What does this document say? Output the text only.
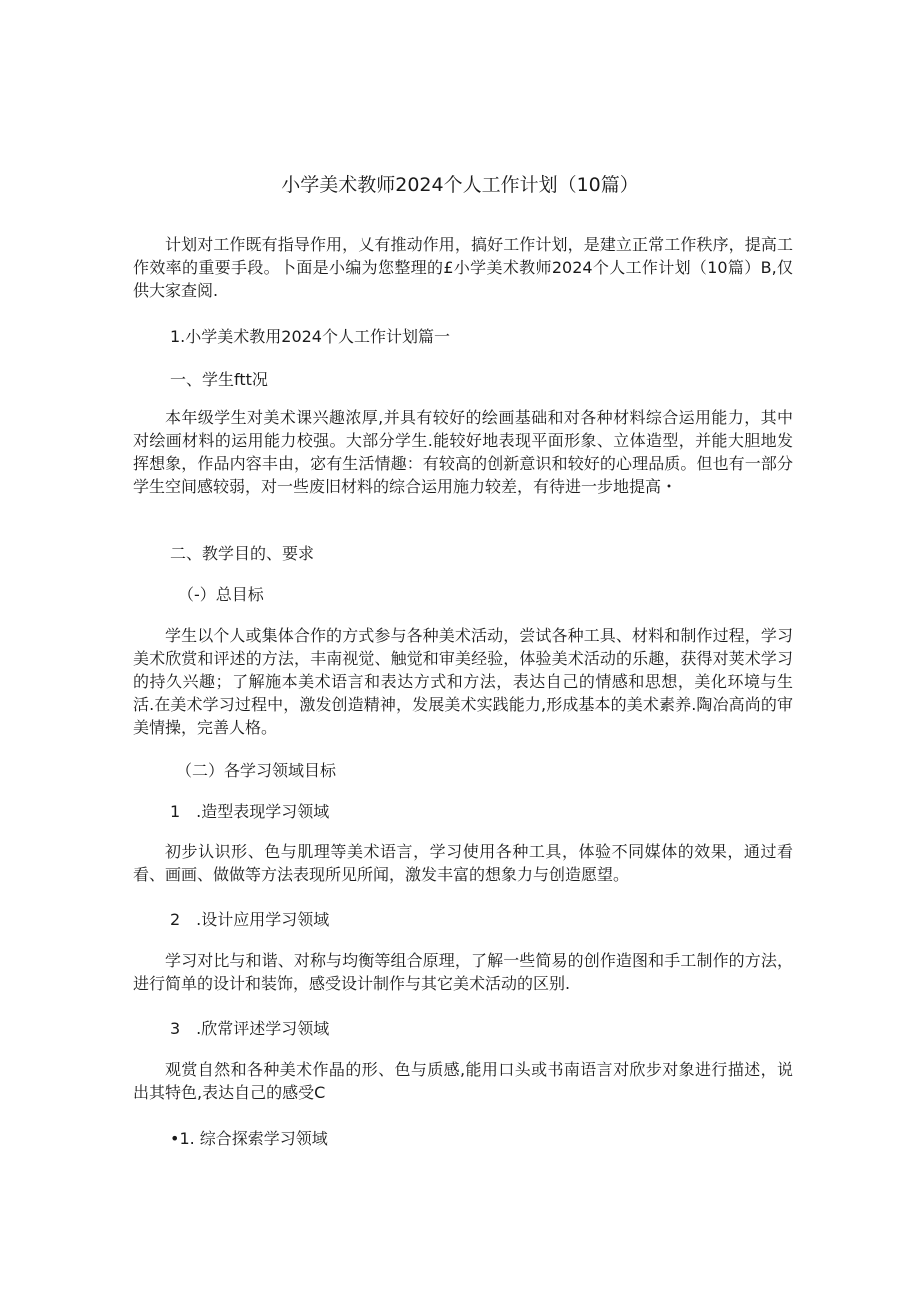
小学美术教师2024个人工作计划（10篇）

计划对工作既有指导作用，乂有推动作用，搞好工作计划，是建立正常工作秩序，提高工作效率的重要手段。卜面是小编为您整理的£小学美术教师2024个人工作计划（10篇）B,仅供大家查阅.

1.小学美术教用2024个人工作计划篇一
一、学生ftt况

本年级学生对美术课兴趣浓厚,并具有较好的绘画基础和对各种材料综合运用能力，其中对绘画材料的运用能力校强。大部分学生.能较好地表现平面形象、立体造型，并能大胆地发挥想象，作品内容丰由，宓有生活情趣：有较高的创新意识和较好的心理品质。但也有一部分学生空间感较弱，对一些废旧材料的综合运用施力较差，有待进一步地提高・

二、教学目的、要求
（-）总目标

学生以个人或集体合作的方式参与各种美术活动，尝试各种工具、材料和制作过程，学习美术欣赏和评述的方法，丰南视觉、触觉和审美经验，体验美术活动的乐趣，获得对荚术学习的持久兴趣；了解施本美术语言和表达方式和方法，表达自己的情感和思想，美化环境与生活.在美术学习过程中，激发创造精神，发展美术实践能力,形成基本的美术素养.陶冶高尚的审美情操，完善人格。

（二）各学习领域目标
1　.造型表现学习领域

初步认识形、色与肌理等美术语言，学习使用各种工具，体验不同媒体的效果，通过看看、画画、做做等方法表现所见所闻，激发丰富的想象力与创造愿望。

2　.设计应用学习领域

学习对比与和谐、对称与均衡等组合原理，了解一些简易的创作造图和手工制作的方法，进行简单的设计和装饰，感受设计制作与其它美术活动的区别.

3　.欣常评述学习领域

观赏自然和各种美术作晶的形、色与质感,能用口头或书南语言对欣步对象进行描述，说出其特色,表达自己的感受C

•1. 综合探索学习领域
